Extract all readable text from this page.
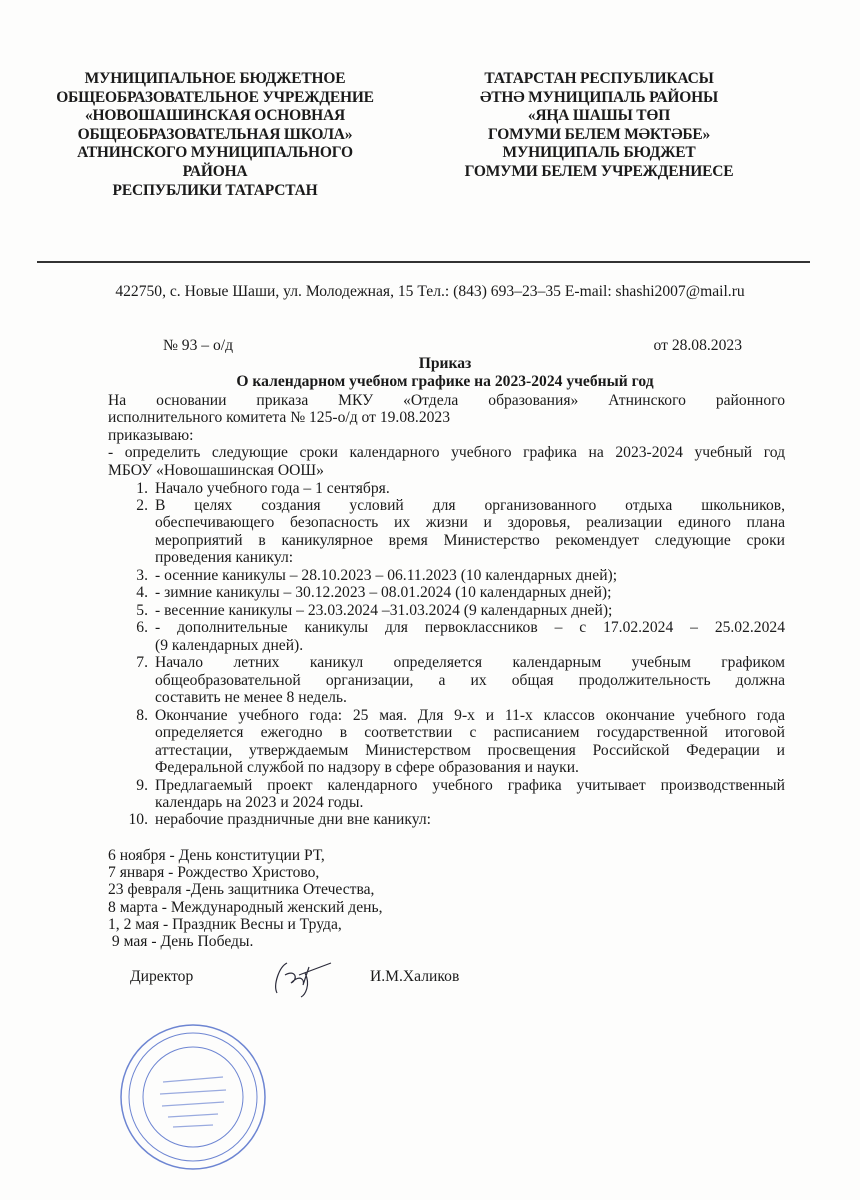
МУНИЦИПАЛЬНОЕ БЮДЖЕТНОЕ
ОБЩЕОБРАЗОВАТЕЛЬНОЕ УЧРЕЖДЕНИЕ
«НОВОШАШИНСКАЯ ОСНОВНАЯ
ОБЩЕОБРАЗОВАТЕЛЬНАЯ ШКОЛА»
АТНИНСКОГО МУНИЦИПАЛЬНОГО
РАЙОНА
РЕСПУБЛИКИ ТАТАРСТАН
ТАТАРСТАН РЕСПУБЛИКАСЫ
ӘТНӘ МУНИЦИПАЛЬ РАЙОНЫ
«ЯҢА ШАШЫ ТӨП
ГОМУМИ БЕЛЕМ МӘКТӘБЕ»
МУНИЦИПАЛЬ БЮДЖЕТ
ГОМУМИ БЕЛЕМ УЧРЕЖДЕНИЕСЕ
422750, с. Новые Шаши, ул. Молодежная, 15 Тел.: (843) 693–23–35 E-mail: shashi2007@mail.ru
№ 93 – о/д	от 28.08.2023
Приказ
О календарном учебном графике на 2023-2024 учебный год
На основании приказа МКУ «Отдела образования» Атнинского районного
исполнительного комитета № 125-о/д от 19.08.2023
приказываю:
- определить следующие сроки календарного учебного графика на 2023-2024 учебный год
МБОУ «Новошашинская ООШ»
1. Начало учебного года – 1 сентября.
2. В целях создания условий для организованного отдыха школьников,
обеспечивающего безопасность их жизни и здоровья, реализации единого плана
мероприятий в каникулярное время Министерство рекомендует следующие сроки
проведения каникул:
3. - осенние каникулы – 28.10.2023 – 06.11.2023 (10 календарных дней);
4. - зимние каникулы – 30.12.2023 – 08.01.2024 (10 календарных дней);
5. - весенние каникулы – 23.03.2024 –31.03.2024 (9 календарных дней);
6. - дополнительные каникулы для первоклассников – с 17.02.2024 – 25.02.2024
(9 календарных дней).
7. Начало летних каникул определяется календарным учебным графиком
общеобразовательной организации, а их общая продолжительность должна
составить не менее 8 недель.
8. Окончание учебного года: 25 мая. Для 9-х и 11-х классов окончание учебного года
определяется ежегодно в соответствии с расписанием государственной итоговой
аттестации, утверждаемым Министерством просвещения Российской Федерации и
Федеральной службой по надзору в сфере образования и науки.
9. Предлагаемый проект календарного учебного графика учитывает производственный
календарь на 2023 и 2024 годы.
10. нерабочие праздничные дни вне каникул:
6 ноября - День конституции РТ,
7 января - Рождество Христово,
23 февраля -День защитника Отечества,
8 марта - Международный женский день,
1, 2 мая - Праздник Весны и Труда,
9 мая - День Победы.
Директор	И.М.Халиков
